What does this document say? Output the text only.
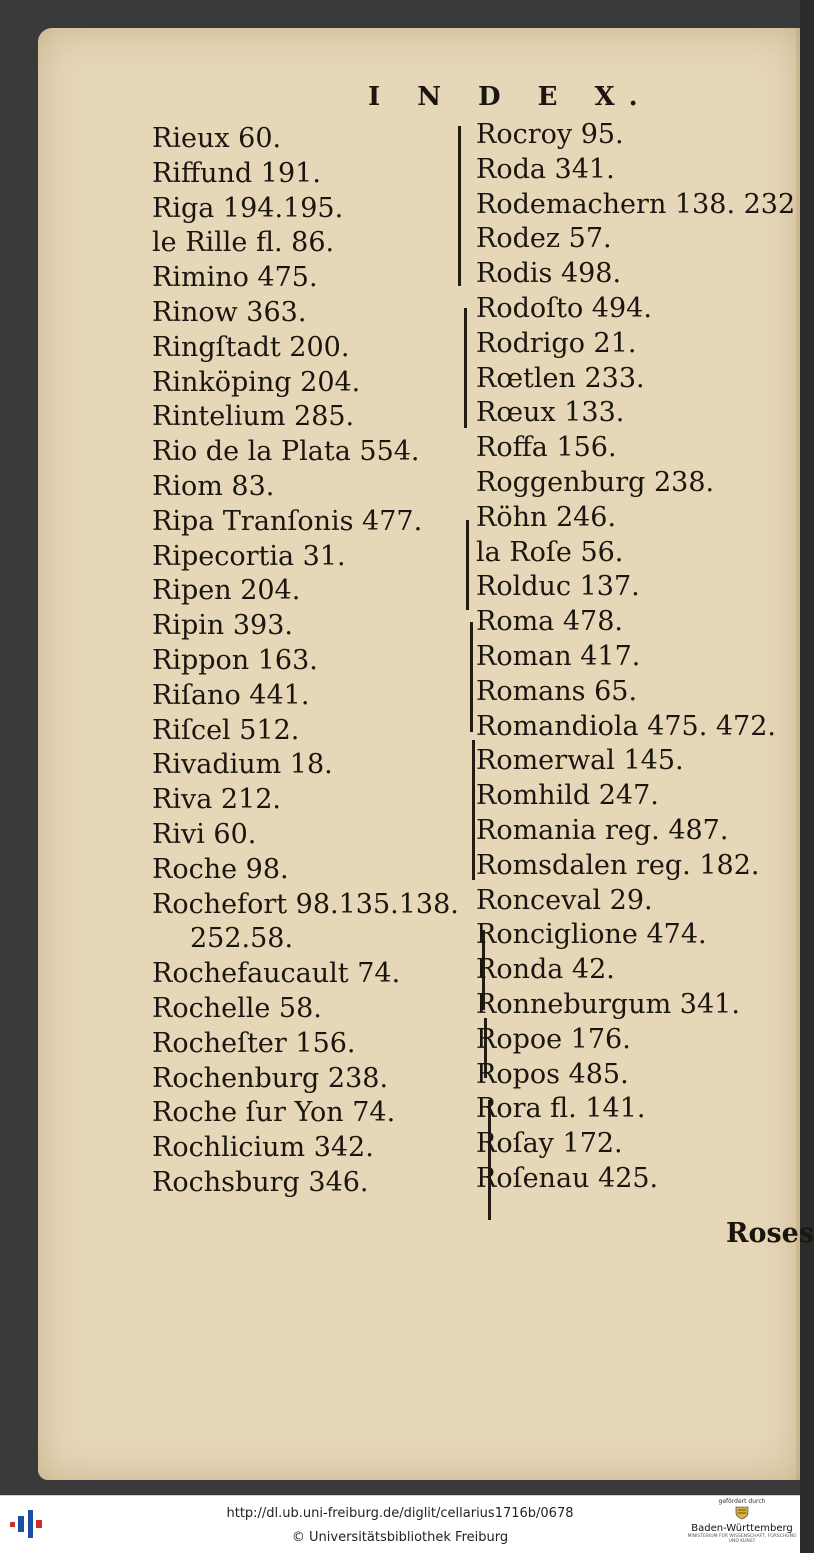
I N D E X.
Rieux 60.
Riffund 191.
Riga 194.195.
le Rille fl. 86.
Rimino 475.
Rinow 363.
Ringſtadt 200.
Rinköping 204.
Rintelium 285.
Rio de la Plata 554.
Riom 83.
Ripa Tranſonis 477.
Ripecortia 31.
Ripen 204.
Ripin 393.
Rippon 163.
Riſano 441.
Riſcel 512.
Rivadium 18.
Riva 212.
Rivi 60.
Roche 98.
Rochefort 98.135.138.
252.58.
Rochefaucault 74.
Rochelle 58.
Rocheſter 156.
Rochenburg 238.
Roche ſur Yon 74.
Rochlicium 342.
Rochsburg 346.
Rocroy 95.
Roda 341.
Rodemachern 138. 232
Rodez 57.
Rodis 498.
Rodoſto 494.
Rodrigo 21.
Rœtlen 233.
Rœux 133.
Roffa 156.
Roggenburg 238.
Röhn 246.
la Roſe 56.
Rolduc 137.
Roma 478.
Roman 417.
Romans 65.
Romandiola 475. 472.
Romerwal 145.
Romhild 247.
Romania reg. 487.
Romsdalen reg. 182.
Ronceval 29.
Ronciglione 474.
Ronda 42.
Ronneburgum 341.
Ropoe 176.
Ropos 485.
Rora fl. 141.
Roſay 172.
Roſenau 425.
Roses
http://dl.ub.uni-freiburg.de/diglit/cellarius1716b/0678
© Universitätsbibliothek Freiburg
gefördert durch
Baden-Württemberg
MINISTERIUM FÜR WISSENSCHAFT, FORSCHUNG UND KUNST
